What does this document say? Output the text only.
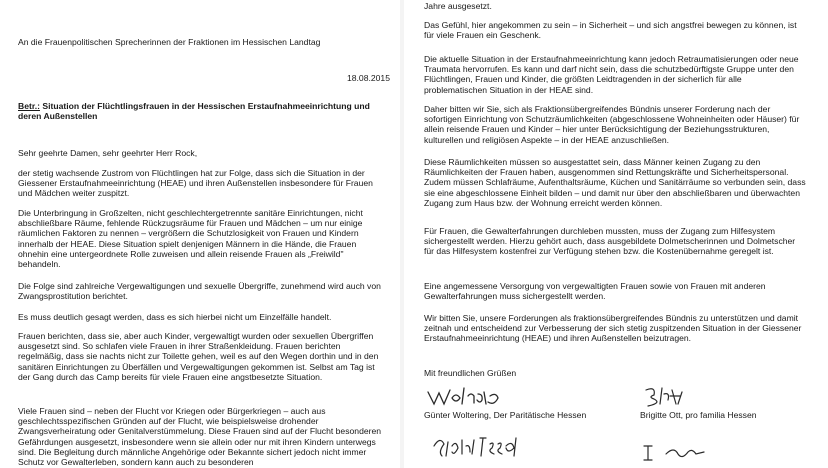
An die Frauenpolitischen Sprecherinnen der Fraktionen im Hessischen Landtag

18.08.2015

Betr.: Situation der Flüchtlingsfrauen in der Hessischen Erstaufnahmeeinrichtung und deren Außenstellen

Sehr geehrte Damen, sehr geehrter Herr Rock,

der stetig wachsende Zustrom von Flüchtlingen hat zur Folge, dass sich die Situation in der Giessener Erstaufnahmeeinrichtung (HEAE) und ihren Außenstellen insbesondere für Frauen und Mädchen weiter zuspitzt.

Die Unterbringung in Großzelten, nicht geschlechtergetrennte sanitäre Einrichtungen, nicht abschließbare Räume, fehlende Rückzugsräume für Frauen und Mädchen – um nur einige räumlichen Faktoren zu nennen – vergrößern die Schutzlosigkeit von Frauen und Kindern innerhalb der HEAE. Diese Situation spielt denjenigen Männern in die Hände, die Frauen ohnehin eine untergeordnete Rolle zuweisen und allein reisende Frauen als „Freiwild" behandeln.

Die Folge sind zahlreiche Vergewaltigungen und sexuelle Übergriffe, zunehmend wird auch von Zwangsprostitution berichtet.

Es muss deutlich gesagt werden, dass es sich hierbei nicht um Einzelfälle handelt.

Frauen berichten, dass sie, aber auch Kinder, vergewaltigt wurden oder sexuellen Übergriffen ausgesetzt sind. So schlafen viele Frauen in ihrer Straßenkleidung. Frauen berichten regelmäßig, dass sie nachts nicht zur Toilette gehen, weil es auf den Wegen dorthin und in den sanitären Einrichtungen zu Überfällen und Vergewaltigungen gekommen ist. Selbst am Tag ist der Gang durch das Camp bereits für viele Frauen eine angstbesetzte Situation.

Viele Frauen sind – neben der Flucht vor Kriegen oder Bürgerkriegen – auch aus geschlechtsspezifischen Gründen auf der Flucht, wie beispielsweise drohender Zwangsverheiratung oder Genitalverstümmelung. Diese Frauen sind auf der Flucht besonderen Gefährdungen ausgesetzt, insbesondere wenn sie allein oder nur mit ihren Kindern unterwegs sind. Die Begleitung durch männliche Angehörige oder Bekannte sichert jedoch nicht immer Schutz vor Gewalterleben, sondern kann auch zu besonderen

Jahre ausgesetzt.

Das Gefühl, hier angekommen zu sein – in Sicherheit – und sich angstfrei bewegen zu können, ist für viele Frauen ein Geschenk.

Die aktuelle Situation in der Erstaufnahmeeinrichtung kann jedoch Retraumatisierungen oder neue Traumata hervorrufen. Es kann und darf nicht sein, dass die schutzbedürftigste Gruppe unter den Flüchtlingen, Frauen und Kinder, die größten Leidtragenden in der sicherlich für alle problematischen Situation in der HEAE sind.

Daher bitten wir Sie, sich als Fraktionsübergreifendes Bündnis unserer Forderung nach der sofortigen Einrichtung von Schutzräumlichkeiten (abgeschlossene Wohneinheiten oder Häuser) für allein reisende Frauen und Kinder – hier unter Berücksichtigung der Beziehungsstrukturen, kulturellen und religiösen Aspekte – in der HEAE anzuschließen.

Diese Räumlichkeiten müssen so ausgestattet sein, dass Männer keinen Zugang zu den Räumlichkeiten der Frauen haben, ausgenommen sind Rettungskräfte und Sicherheitspersonal. Zudem müssen Schlafräume, Aufenthaltsräume, Küchen und Sanitärräume so verbunden sein, dass sie eine abgeschlossene Einheit bilden – und damit nur über den abschließbaren und überwachten Zugang zum Haus bzw. der Wohnung erreicht werden können.

Für Frauen, die Gewalterfahrungen durchleben mussten, muss der Zugang zum Hilfesystem sichergestellt werden. Hierzu gehört auch, dass ausgebildete Dolmetscherinnen und Dolmetscher für das Hilfesystem kostenfrei zur Verfügung stehen bzw. die Kostenübernahme geregelt ist.

Eine angemessene Versorgung von vergewaltigten Frauen sowie von Frauen mit anderen Gewalterfahrungen muss sichergestellt werden.

Wir bitten Sie, unsere Forderungen als fraktionsübergreifendes Bündnis zu unterstützen und damit zeitnah und entscheidend zur Verbesserung der sich stetig zuspitzenden Situation in der Giessener Erstaufnahmeeinrichtung (HEAE) und ihren Außenstellen beizutragen.

Mit freundlichen Grüßen

Günter Woltering, Der Paritätische Hessen	Brigitte Ott, pro familia Hessen
